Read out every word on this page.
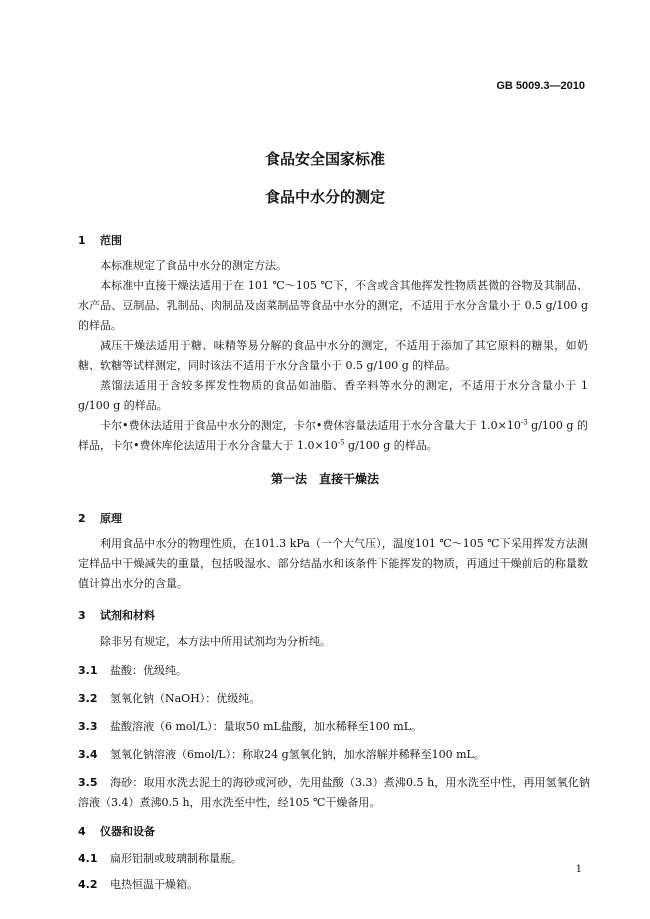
GB 5009.3—2010
食品安全国家标准
食品中水分的测定
1 范围

本标准规定了食品中水分的测定方法。

本标准中直接干燥法适用于在 101 ℃～105 ℃下，不含或含其他挥发性物质甚微的谷物及其制品、水产品、豆制品、乳制品、肉制品及卤菜制品等食品中水分的测定，不适用于水分含量小于 0.5 g/100 g的样品。

减压干燥法适用于糖、味精等易分解的食品中水分的测定，不适用于添加了其它原料的糖果，如奶糖、软糖等试样测定，同时该法不适用于水分含量小于 0.5 g/100 g 的样品。

蒸馏法适用于含较多挥发性物质的食品如油脂、香辛料等水分的测定，不适用于水分含量小于 1 g/100 g 的样品。

卡尔•费休法适用于食品中水分的测定，卡尔•费休容量法适用于水分含量大于 $1.0\times 10^{-3}$ g/100 g 的样品，卡尔•费休库伦法适用于水分含量大于 $1.0\times 10^{-5}$ g/100 g 的样品。

第一法　直接干燥法
2 原理

利用食品中水分的物理性质，在101.3 kPa（一个大气压），温度101 ℃～105 ℃下采用挥发方法测定样品中干燥减失的重量，包括吸湿水、部分结晶水和该条件下能挥发的物质，再通过干燥前后的称量数值计算出水分的含量。

3 试剂和材料

除非另有规定，本方法中所用试剂均为分析纯。

3.1 盐酸：优级纯。

3.2 氢氧化钠（NaOH）：优级纯。

3.3 盐酸溶液（6 mol/L）：量取50 mL盐酸，加水稀释至100 mL。

3.4 氢氧化钠溶液（6mol/L）：称取24 g氢氧化钠，加水溶解并稀释至100 mL。

3.5 海砂：取用水洗去泥土的海砂或河砂，先用盐酸（3.3）煮沸0.5 h，用水洗至中性，再用氢氧化钠溶液（3.4）煮沸0.5 h，用水洗至中性，经105 ℃干燥备用。

4 仪器和设备

4.1 扁形铝制或玻璃制称量瓶。

4.2 电热恒温干燥箱。

1
